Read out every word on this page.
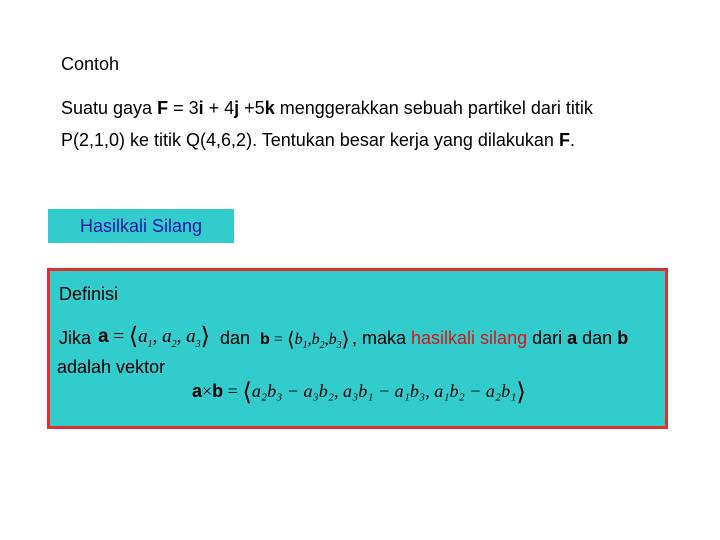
Contoh
Suatu gaya F = 3i + 4j +5k menggerakkan sebuah partikel dari titik P(2,1,0) ke titik Q(4,6,2). Tentukan besar kerja yang dilakukan F.
Hasilkali Silang
Definisi
Jika $a = ⟨a_1$, $a_2$, $a_3⟩$ dan $b = ⟨b_1,b_2,b_3⟩$ , maka hasilkali silang dari a dan b
adalah vektor
a×b = ⟨a₂b₃ − a₃b₂, a₃b₁ − a₁b₃, a₁b₂ − a₂b₁⟩
